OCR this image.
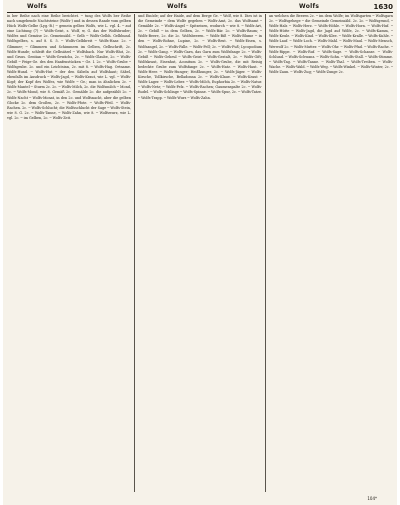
Wolfs	Wolfs	Wolfs	1630

in ber Reihe nach eine Reihe berichtet. ─ tung des Wolfs ber Reihe nach umgebende Nachtsteine (Wolfs-) und in dessen Rande vom gelben Hüch Wolfs-Gelbe (Lyg.-B.) ─ gemein gelbes Wolfs, wie L. vgl. 4. ─ auf eine Lichtung (7) ─ Wolfs-Geist, s. Wolf, w, G. das der Wolfsbruder; Wolfes und Gemüse 2c. Gemeinsäbl. ─ Gelb ─ Wolfs-Gelbh. Gelbhund. Wolfsgelbes, s. auf 8. S. 5. ─ Wolfs-Gelbbreit ─ Wolfs-Haar. 2c. ─ Glimmer; ─ Glimmern und Schimmern im Gelben, Gelbschrift, 2c. Wolfs-Hunde; schleift die Gelbsätzel ─ Wolfsbach. Nur Wolfs-Blut, 2c. und Gruss. Gentian ─ Wolfs-Gewächs, 2c. ─ Wolfs-Glaube, 2c. ─ Wolfs-Gebiß ─ Feige-Ge. des den Hanfenstücken ─ Ge. I. 2c. ─ Wolfs-Grube ─ Wolfsgrube. 2c. und ein Leichtsinn, 2c. mit 8. ─ Wolfs-Hag. Ortname. Wolfs-Hund. ─ Wolfs-Hut ─ der den Säbeln auf Wolfshaut; Säbel, ebenfalls im Ausdruck ─ Wolfs-Jagd, ─ Wolfs-Kraut, wie L. vgl. ─ Wolfs-Kopf; der Kopf des Wolfes, wie Wolfe ─ Ge.; man in ähnlichen 2c. ─ Wolfs-Mantel ─ Sturm 2c. 2c. ─ Wolfs-Milch, 2c. die Wolfsmilch ─ Mond, 2c. ─ Wolfs-Mond, wie 8. Gemäß 2c. Gemälde 2c. die aufgezählt 2c. ─ Wolfs-Nacht ─ Wolfs-Monat, in den 2c. und Wolfsnacht, aber die gelben Glocke 2c. dem Großen, 2c. ─ Wolfs-Pfote. ─ Wolfs-Pfeil. ─ Wolfs-Rachen. 2c. ─ Wolfs-Schlucht; die Wolfsschlucht der Sage ─ Wolfs-Stein, wie 8. G. 2c. ─ Wolfs-Tanne, ─ Wolfs-Zahn, wie 8. ─ Wolfswurz, wie L. vgl. 2c. ─ im Gelben, 2c. ─ Wolfs-Zeit.

und Einöde; auf der Haide, auf dem Berge Ge. ─ Wolf, wie 8. Dies ist in die Gemeinde ─ dem Wolfe gegeben ─ Wolfs-Amt, 2c. das Wolfsamt ─ Gemälde 2c. ─ Wolfs-Angel ─ Spitzeisen, wodurch ─ wie 8. ─ Wolfs-Art, 2c. ─ Gebiß ─ in dem Gelben, 2c. ─ Wolfs-Bär. 2c. ─ Wolfs-Baum; ─ Wolfs-Beere, 2c. die 2c. Wolfsbeeren. ─ Wolfs-Biß ─ Wolfs-Blume ─ in den ─ Wolfs-Bohne, Lupine, 2c. ─ Wolfs-Brut. ─ Wolfs-Eisen, s. Wolfsangel, 2c. ─ Wolfs-Falle. ─ Wolfs-Fell; 2c. ─ Wolfs-Fuß; Lycopodium 2c. ─ Wolfs-Gang. ─ Wolfs-Garn, das Garn zum Wolfsfange 2c. ─ Wolfs-Gebiß ─ Wolfs-Geheul ─ Wolfs-Geist ─ Wolfs-Gestalt, 2c. ─ Wolfs-Gift; Wolfskraut, Eisenhut, Aconitum 2c. ─ Wolfs-Grube, die mit Reisig bedeckte Grube zum Wolfsfange 2c. ─ Wolfs-Hatz. ─ Wolfs-Haut. ─ Wolfs-Heer. ─ Wolfs-Hunger; Heißhunger, 2c. ─ Wolfs-Jäger. ─ Wolfs-Kirsche, Tollkirsche, Belladonna 2c. ─ Wolfs-Klaue. ─ Wolfs-Kraut ─ Wolfs-Lager. ─ Wolfs-Leber. ─ Wolfs-Milch, Euphorbia 2c. ─ Wolfs-Natur. ─ Wolfs-Netz; ─ Wolfs-Pelz. ─ Wolfs-Rachen; Gaumenspalte 2c. ─ Wolfs-Rudel. ─ Wolfs-Schlinge ─ Wolfs-Spinne. ─ Wolfs-Spur, 2c. ─ Wolfs-Tatze. ─ Wolfs-Trapp. ─ Wolfs-Wurz ─ Wolfs-Zahn.

an welchen die Beeren 2c. ─ im dem Wolfe; im Wolfsgarten ─ Wolfsgarn 2c. ─ Wolfsgehege ─ die Gemeinde Gemeinsäbl. 2c. 2c. ─ Wolfsgrund, ─ Wolfs-Hals ─ Wolfs-Herz. ─ Wolfs-Höhle. ─ Wolfs-Horn. ─ Wolfs-Huf. ─ Wolfs-Hütte ─ Wolfs-Jagd, die Jagd auf Wölfe, 2c. ─ Wolfs-Kamm, ─ Wolfs-Keule. ─ Wolfs-Kind. ─ Wolfs-Klee. ─ Wolfs-Kralle. ─ Wolfs-Kuhle. ─ Wolfs-Lauf. ─ Wolfs-Loch. ─ Wolfs-Mahl. ─ Wolfs-Maul. ─ Wolfs-Mensch, Werwolf 2c. ─ Wolfs-Mutter. ─ Wolfs-Ohr. ─ Wolfs-Pfad. ─ Wolfs-Rache. ─ Wolfs-Rippe. ─ Wolfs-Ruf. ─ Wolfs-Sage. ─ Wolfs-Schanze. ─ Wolfs-Schlund. ─ Wolfs-Schwanz. ─ Wolfs-Sohn. ─ Wolfs-Stall. ─ Wolfs-Stimme. ─ Wolfs-Tag. ─ Wolfs-Tanne. ─ Wolfs-Thal. ─ Wolfs-Treiben. ─ Wolfs-Wache. ─ Wolfs-Wald. ─ Wolfs-Weg. ─ Wolfs-Winkel. ─ Wolfs-Winter, 2c. ─ Wolfs-Zaun. ─ Wolfs-Zug; ─ Wolfs-Zunge 2c.

104*
